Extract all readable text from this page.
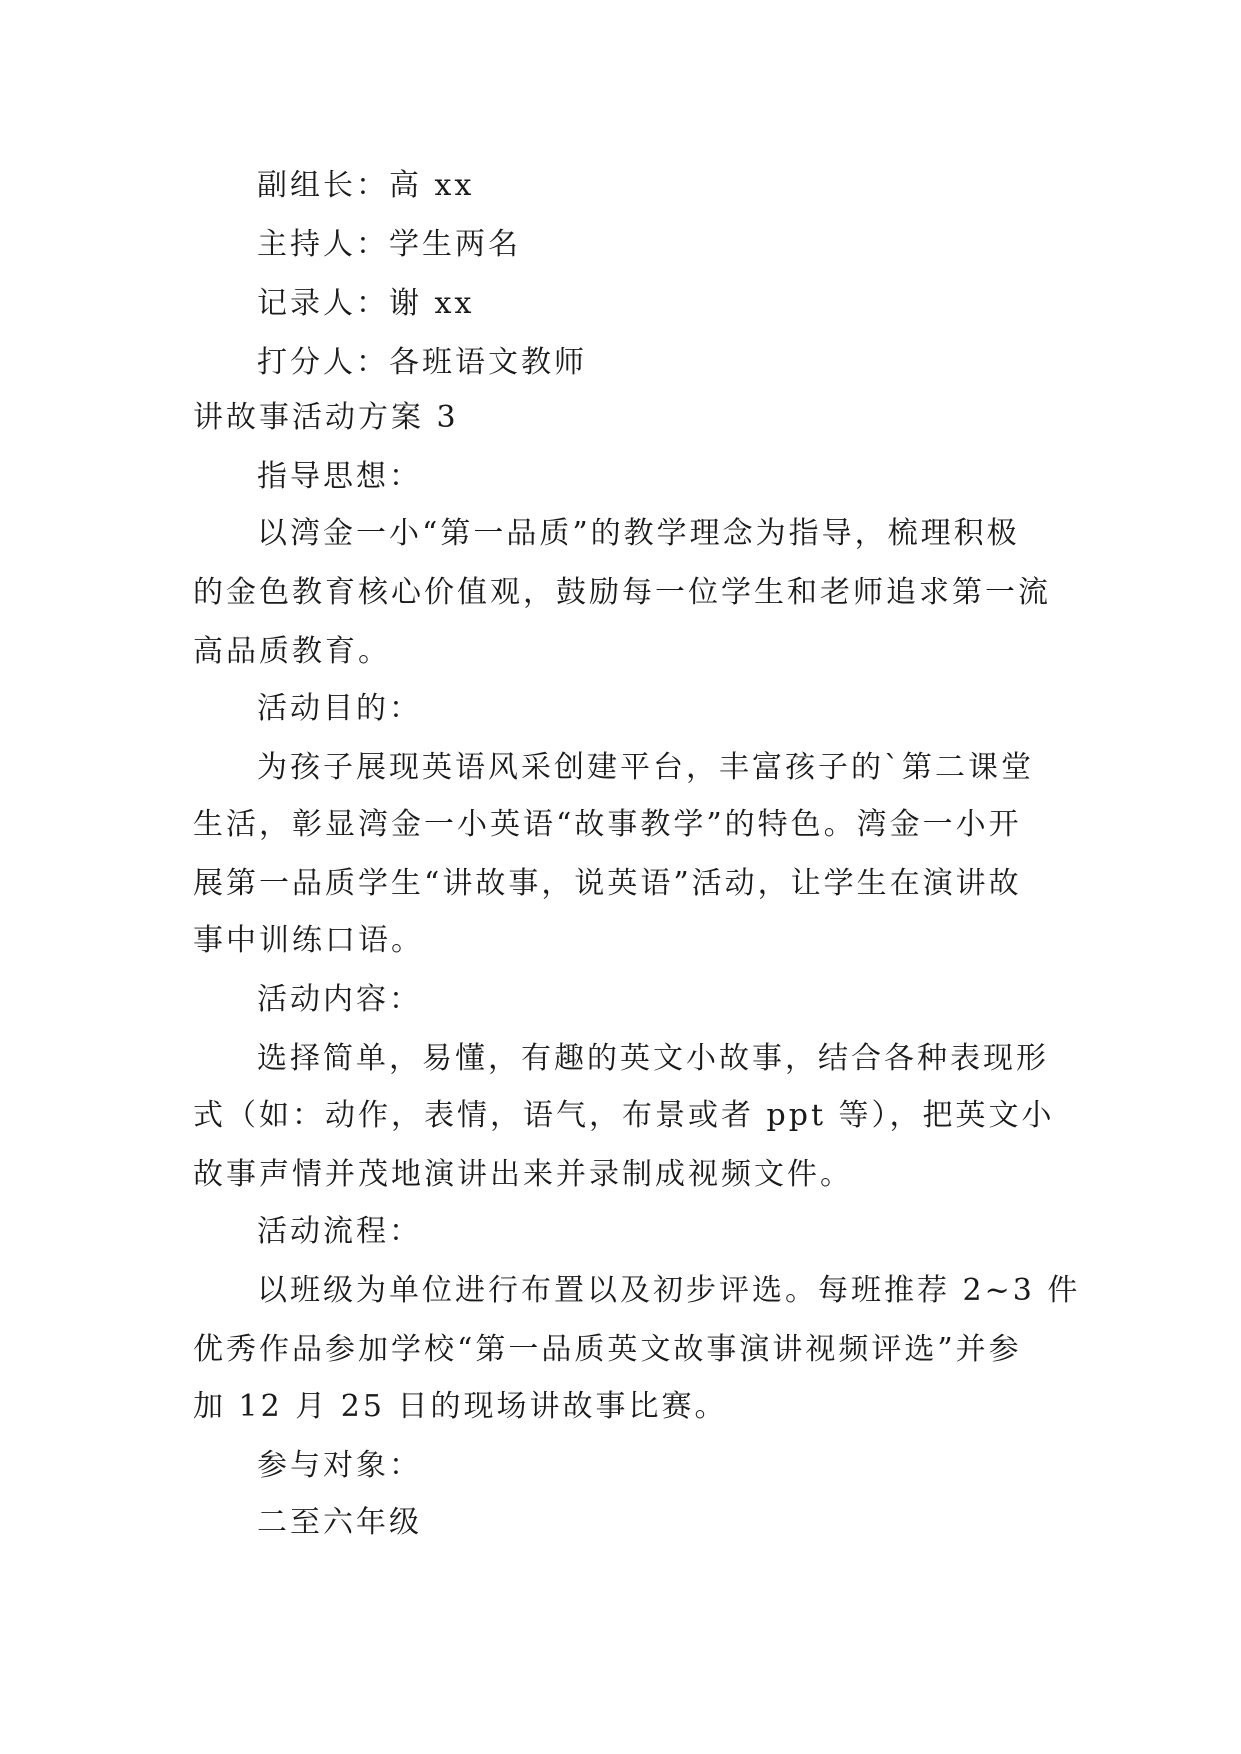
副组长：高 xx
主持人：学生两名
记录人：谢 xx
打分人：各班语文教师
讲故事活动方案 3
指导思想：
以湾金一小“第一品质”的教学理念为指导，梳理积极
的金色教育核心价值观，鼓励每一位学生和老师追求第一流
高品质教育。
活动目的：
为孩子展现英语风采创建平台，丰富孩子的`第二课堂
生活，彰显湾金一小英语“故事教学”的特色。湾金一小开
展第一品质学生“讲故事，说英语”活动，让学生在演讲故
事中训练口语。
活动内容：
选择简单，易懂，有趣的英文小故事，结合各种表现形
式（如：动作，表情，语气，布景或者 ppt 等），把英文小
故事声情并茂地演讲出来并录制成视频文件。
活动流程：
以班级为单位进行布置以及初步评选。每班推荐 2~3 件
优秀作品参加学校“第一品质英文故事演讲视频评选”并参
加 12 月 25 日的现场讲故事比赛。
参与对象：
二至六年级
